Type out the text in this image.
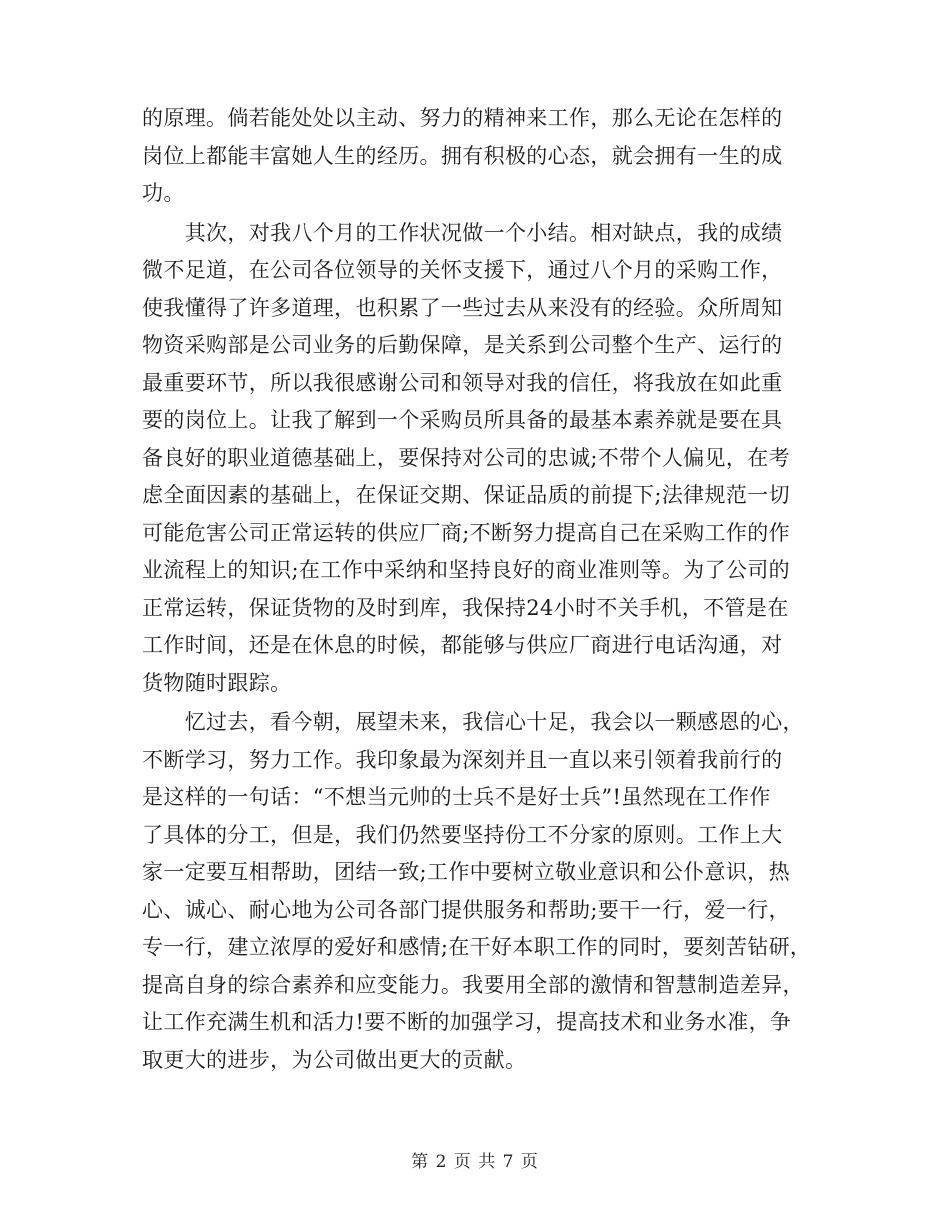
的原理。倘若能处处以主动、努力的精神来工作，那么无论在怎样的
岗位上都能丰富她人生的经历。拥有积极的心态，就会拥有一生的成
功。
　　其次，对我八个月的工作状况做一个小结。相对缺点，我的成绩
微不足道，在公司各位领导的关怀支援下，通过八个月的采购工作，
使我懂得了许多道理，也积累了一些过去从来没有的经验。众所周知
物资采购部是公司业务的后勤保障，是关系到公司整个生产、运行的
最重要环节，所以我很感谢公司和领导对我的信任，将我放在如此重
要的岗位上。让我了解到一个采购员所具备的最基本素养就是要在具
备良好的职业道德基础上，要保持对公司的忠诚;不带个人偏见，在考
虑全面因素的基础上，在保证交期、保证品质的前提下;法律规范一切
可能危害公司正常运转的供应厂商;不断努力提高自己在采购工作的作
业流程上的知识;在工作中采纳和坚持良好的商业准则等。为了公司的
正常运转，保证货物的及时到库，我保持24小时不关手机，不管是在
工作时间，还是在休息的时候，都能够与供应厂商进行电话沟通，对
货物随时跟踪。
　　忆过去，看今朝，展望未来，我信心十足，我会以一颗感恩的心，
不断学习，努力工作。我印象最为深刻并且一直以来引领着我前行的
是这样的一句话：“不想当元帅的士兵不是好士兵”!虽然现在工作作
了具体的分工，但是，我们仍然要坚持份工不分家的原则。工作上大
家一定要互相帮助，团结一致;工作中要树立敬业意识和公仆意识，热
心、诚心、耐心地为公司各部门提供服务和帮助;要干一行，爱一行，
专一行，建立浓厚的爱好和感情;在干好本职工作的同时，要刻苦钻研，
提高自身的综合素养和应变能力。我要用全部的激情和智慧制造差异，
让工作充满生机和活力!要不断的加强学习，提高技术和业务水准，争
取更大的进步，为公司做出更大的贡献。
第 2 页 共 7 页
